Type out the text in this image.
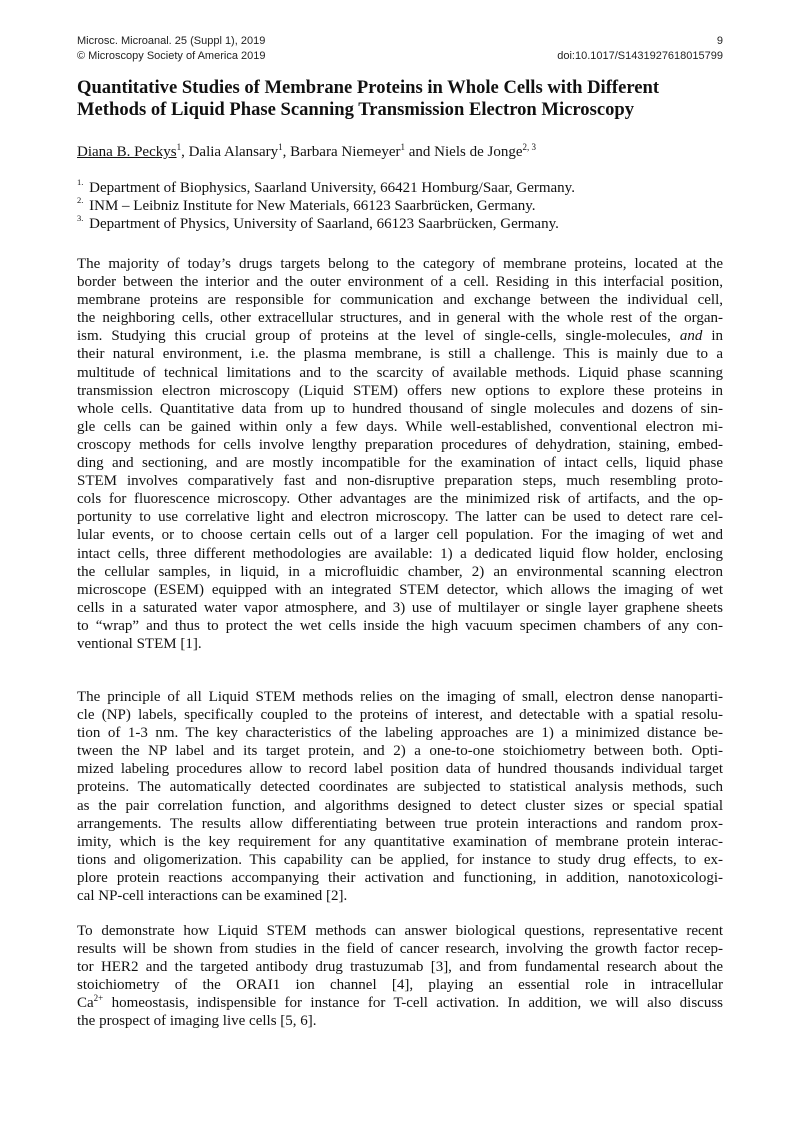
Microsc. Microanal. 25 (Suppl 1), 2019
© Microscopy Society of America 2019
9
doi:10.1017/S1431927618015799
Quantitative Studies of Membrane Proteins in Whole Cells with Different
Methods of Liquid Phase Scanning Transmission Electron Microscopy
Diana B. Peckys$^1$, Dalia Alansary$^1$, Barbara Niemeyer$^1$ and Niels de Jonge$^{2, 3}$
$^{1.}$ Department of Biophysics, Saarland University, 66421 Homburg/Saar, Germany.
$^{2.}$ INM – Leibniz Institute for New Materials, 66123 Saarbrücken, Germany.
$^{3.}$ Department of Physics, University of Saarland, 66123 Saarbrücken, Germany.
The majority of today’s drugs targets belong to the category of membrane proteins, located at the
border between the interior and the outer environment of a cell. Residing in this interfacial position,
membrane proteins are responsible for communication and exchange between the individual cell,
the neighboring cells, other extracellular structures, and in general with the whole rest of the organ-
ism. Studying this crucial group of proteins at the level of single-cells, single-molecules, and in
their natural environment, i.e. the plasma membrane, is still a challenge. This is mainly due to a
multitude of technical limitations and to the scarcity of available methods. Liquid phase scanning
transmission electron microscopy (Liquid STEM) offers new options to explore these proteins in
whole cells. Quantitative data from up to hundred thousand of single molecules and dozens of sin-
gle cells can be gained within only a few days. While well-established, conventional electron mi-
croscopy methods for cells involve lengthy preparation procedures of dehydration, staining, embed-
ding and sectioning, and are mostly incompatible for the examination of intact cells, liquid phase
STEM involves comparatively fast and non-disruptive preparation steps, much resembling proto-
cols for fluorescence microscopy. Other advantages are the minimized risk of artifacts, and the op-
portunity to use correlative light and electron microscopy. The latter can be used to detect rare cel-
lular events, or to choose certain cells out of a larger cell population. For the imaging of wet and
intact cells, three different methodologies are available: 1) a dedicated liquid flow holder, enclosing
the cellular samples, in liquid, in a microfluidic chamber, 2) an environmental scanning electron
microscope (ESEM) equipped with an integrated STEM detector, which allows the imaging of wet
cells in a saturated water vapor atmosphere, and 3) use of multilayer or single layer graphene sheets
to “wrap” and thus to protect the wet cells inside the high vacuum specimen chambers of any con-
ventional STEM [1].
The principle of all Liquid STEM methods relies on the imaging of small, electron dense nanoparti-
cle (NP) labels, specifically coupled to the proteins of interest, and detectable with a spatial resolu-
tion of 1-3 nm. The key characteristics of the labeling approaches are 1) a minimized distance be-
tween the NP label and its target protein, and 2) a one-to-one stoichiometry between both. Opti-
mized labeling procedures allow to record label position data of hundred thousands individual target
proteins. The automatically detected coordinates are subjected to statistical analysis methods, such
as the pair correlation function, and algorithms designed to detect cluster sizes or special spatial
arrangements. The results allow differentiating between true protein interactions and random prox-
imity, which is the key requirement for any quantitative examination of membrane protein interac-
tions and oligomerization. This capability can be applied, for instance to study drug effects, to ex-
plore protein reactions accompanying their activation and functioning, in addition, nanotoxicologi-
cal NP-cell interactions can be examined [2].
To demonstrate how Liquid STEM methods can answer biological questions, representative recent
results will be shown from studies in the field of cancer research, involving the growth factor recep-
tor HER2 and the targeted antibody drug trastuzumab [3], and from fundamental research about the
stoichiometry of the ORAI1 ion channel [4], playing an essential role in intracellular
$Ca^{2+}$ homeostasis, indispensible for instance for T-cell activation. In addition, we will also discuss
the prospect of imaging live cells [5, 6].
